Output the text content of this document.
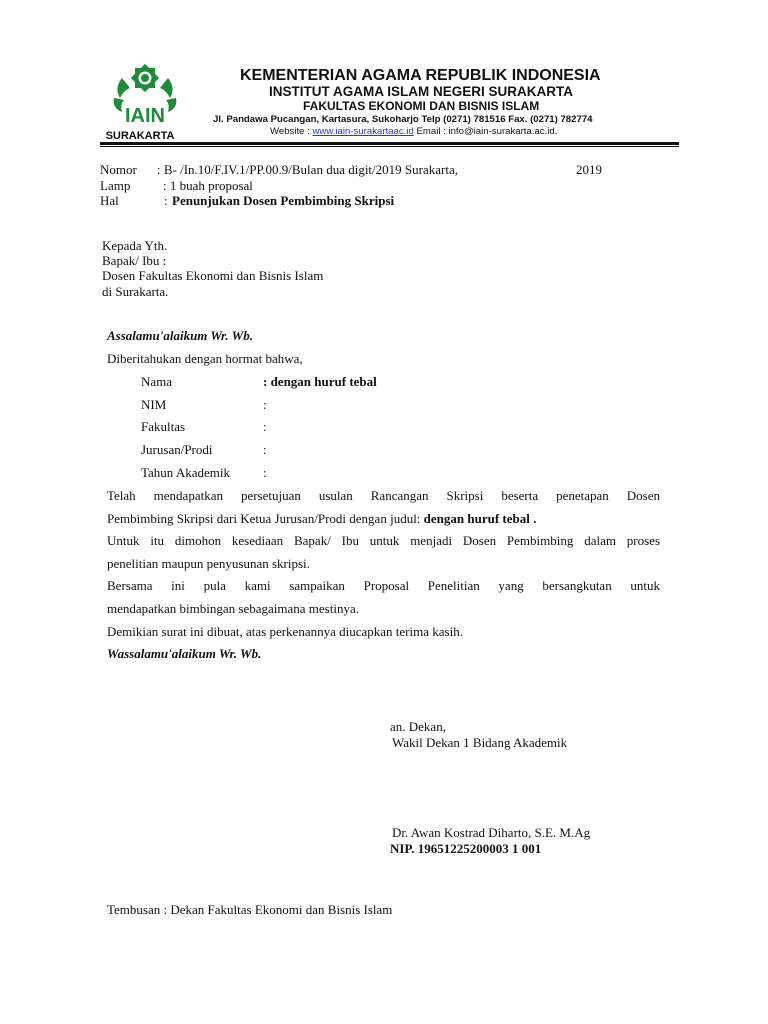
IAIN
SURAKARTA
KEMENTERIAN AGAMA REPUBLIK INDONESIA
INSTITUT AGAMA ISLAM NEGERI SURAKARTA
FAKULTAS EKONOMI DAN BISNIS ISLAM
Jl. Pandawa Pucangan, Kartasura, Sukoharjo Telp (0271) 781516 Fax. (0271) 782774
Website : www.iain-surakartaac.id Email : info@iain-surakarta.ac.id.
Nomor : B- /In.10/F.IV.1/PP.00.9/Bulan dua digit/2019 Surakarta,	2019
Lamp	: 1 buah proposal
Hal	: Penunjukan Dosen Pembimbing Skripsi
Kepada Yth.
Bapak/ Ibu :
Dosen Fakultas Ekonomi dan Bisnis Islam
di Surakarta.
Assalamu'alaikum Wr. Wb.
Diberitahukan dengan hormat bahwa,
Nama	: dengan huruf tebal
NIM	:
Fakultas	:
Jurusan/Prodi	:
Tahun Akademik	:
Telah mendapatkan persetujuan usulan Rancangan Skripsi beserta penetapan Dosen
Pembimbing Skripsi dari Ketua Jurusan/Prodi dengan judul: dengan huruf tebal .
Untuk itu dimohon kesediaan Bapak/ Ibu untuk menjadi Dosen Pembimbing dalam proses
penelitian maupun penyusunan skripsi.
Bersama ini pula kami sampaikan Proposal Penelitian yang bersangkutan untuk
mendapatkan bimbingan sebagaimana mestinya.
Demikian surat ini dibuat, atas perkenannya diucapkan terima kasih.
Wassalamu'alaikum Wr. Wb.
an. Dekan,
Wakil Dekan 1 Bidang Akademik
Dr. Awan Kostrad Diharto, S.E. M.Ag
NIP. 19651225200003 1 001
Tembusan : Dekan Fakultas Ekonomi dan Bisnis Islam
